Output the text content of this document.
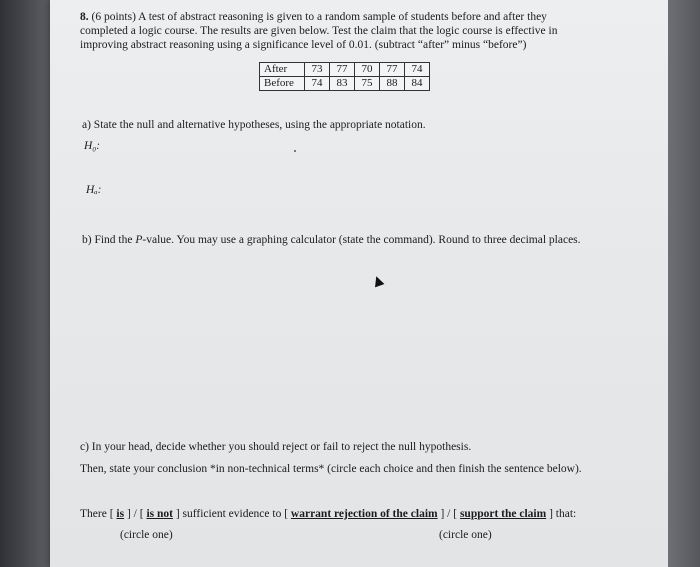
8. (6 points) A test of abstract reasoning is given to a random sample of students before and after they
completed a logic course. The results are given below. Test the claim that the logic course is effective in
improving abstract reasoning using a significance level of 0.01. (subtract “after” minus “before”)
After	73	77	70	77	74
Before	74	83	75	88	84
a) State the null and alternative hypotheses, using the appropriate notation.
H₀:
Hₐ:
b) Find the P-value. You may use a graphing calculator (state the command). Round to three decimal places.
c) In your head, decide whether you should reject or fail to reject the null hypothesis.
Then, state your conclusion *in non-technical terms* (circle each choice and then finish the sentence below).
There [ is ] / [ is not ] sufficient evidence to [ warrant rejection of the claim ] / [ support the claim ] that:
(circle one)	(circle one)
